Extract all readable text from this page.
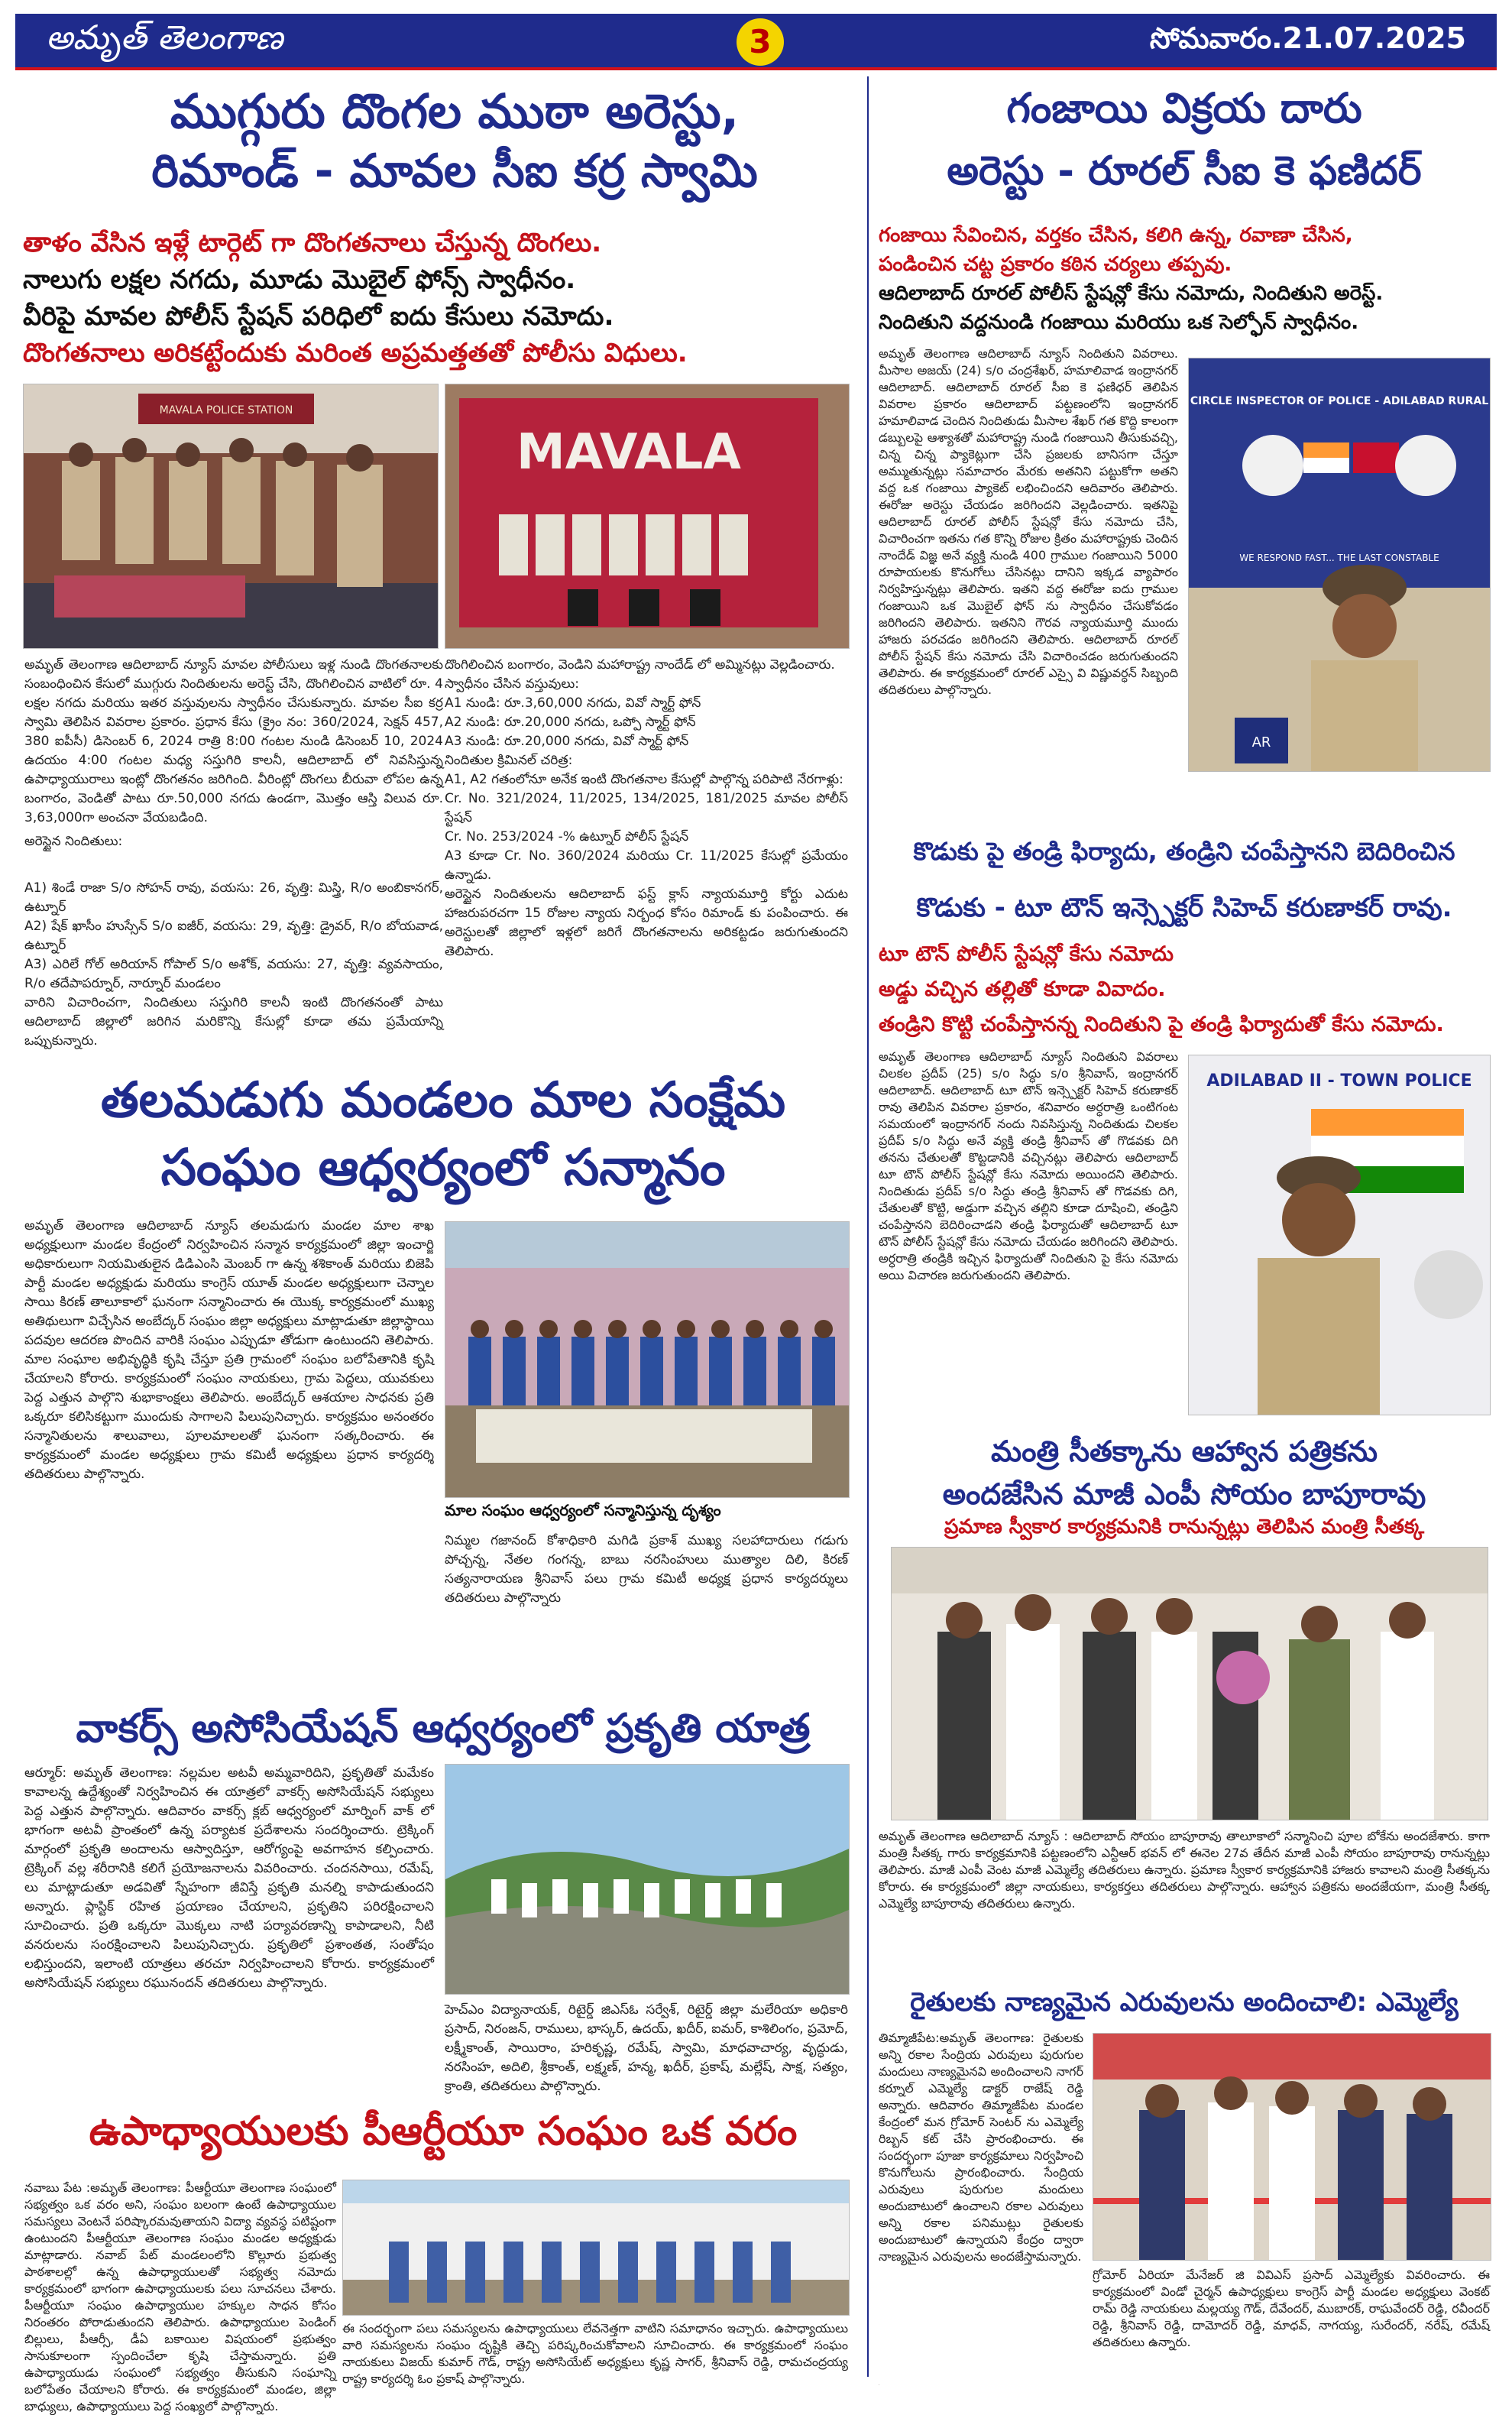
అమృత్ తెలంగాణ	3	సోమవారం.21.07.2025
ముగ్గురు దొంగల ముఠా అరెస్టు,
రిమాండ్ - మావల సీఐ కర్ర స్వామి
తాళం వేసిన ఇళ్లే టార్గెట్ గా దొంగతనాలు చేస్తున్న దొంగలు.
నాలుగు లక్షల నగదు, మూడు మొబైల్ ఫోన్స్ స్వాధీనం.
వీరిపై మావల పోలీస్ స్టేషన్ పరిధిలో ఐదు కేసులు నమోదు.
దొంగతనాలు అరికట్టేందుకు మరింత అప్రమత్తతతో పోలీసు విధులు.
MAVALA POLICE STATION
MAVALA
అమృత్ తెలంగాణ ఆదిలాబాద్ న్యూస్ మావల పోలీసులు ఇళ్ల నుండి దొంగతనాలకు సంబంధించిన కేసులో ముగ్గురు నిందితులను అరెస్ట్ చేసి, దొంగిలించిన వాటిలో రూ. 4 లక్షల నగదు మరియు ఇతర వస్తువులను స్వాధీనం చేసుకున్నారు. మావల సీఐ కర్ర స్వామి తెలిపిన వివరాల ప్రకారం. ప్రధాన కేసు (క్రైం నం: 360/2024, సెక్షన్ 457, 380 ఐపీసీ) డిసెంబర్ 6, 2024 రాత్రి 8:00 గంటల నుండి డిసెంబర్ 10, 2024 ఉదయం 4:00 గంటల మధ్య సస్తుగిరి కాలనీ, ఆదిలాబాద్ లో నివసిస్తున్న ఉపాధ్యాయురాలు ఇంట్లో దొంగతనం జరిగింది. వీరింట్లో దొంగలు బీరువా లోపల ఉన్న బంగారం, వెండితో పాటు రూ.50,000 నగదు ఉండగా, మొత్తం ఆస్తి విలువ రూ. 3,63,000గా అంచనా వేయబడింది.
అరెస్టైన నిందితులు:
A1) శిండే రాజా S/o సోహన్ రావు, వయసు: 26, వృత్తి: మిస్త్రి, R/o అంబికానగర్, ఉట్నూర్
A2) షేక్ ఖాసీం హుస్సేన్ S/o ఐజీర్, వయసు: 29, వృత్తి: డ్రైవర్, R/o బోయవాడ, ఉట్నూర్
A3) ఎరిలే గోల్ అరియాన్ గోపాల్ S/o అశోక్, వయసు: 27, వృత్తి: వ్యవసాయం, R/o తదేపాపర్నూర్, నార్నూర్ మండలం
వారిని విచారించగా, నిందితులు సస్తుగిరి కాలనీ ఇంటి దొంగతనంతో పాటు ఆదిలాబాద్ జిల్లాలో జరిగిన మరికొన్ని కేసుల్లో కూడా తమ ప్రమేయాన్ని ఒప్పుకున్నారు.
దొంగిలించిన బంగారం, వెండిని మహారాష్ట్ర నాందేడ్ లో అమ్మినట్లు వెల్లడించారు.
స్వాధీనం చేసిన వస్తువులు:
A1 నుండి: రూ.3,60,000 నగదు, వివో స్మార్ట్ ఫోన్
A2 నుండి: రూ.20,000 నగదు, ఒప్పో స్మార్ట్ ఫోన్
A3 నుండి: రూ.20,000 నగదు, వివో స్మార్ట్ ఫోన్
నిందితుల క్రిమినల్ చరిత్ర:
A1, A2 గతంలోనూ అనేక ఇంటి దొంగతనాల కేసుల్లో పాల్గొన్న పరిపాటి నేరగాళ్లు:
Cr. No. 321/2024, 11/2025, 134/2025, 181/2025 మావల పోలీస్ స్టేషన్
Cr. No. 253/2024 -% ఉట్నూర్ పోలీస్ స్టేషన్
A3 కూడా Cr. No. 360/2024 మరియు Cr. 11/2025 కేసుల్లో ప్రమేయం ఉన్నాడు.
అరెస్టైన నిందితులను ఆదిలాబాద్ ఫస్ట్ క్లాస్ న్యాయమూర్తి కోర్టు ఎదుట హాజరుపరచగా 15 రోజుల న్యాయ నిర్బంధ కోసం రిమాండ్ కు పంపించారు. ఈ అరెస్టులతో జిల్లాలో ఇళ్లలో జరిగే దొంగతనాలను అరికట్టడం జరుగుతుందని తెలిపారు.
గంజాయి విక్రయ దారు
అరెస్టు - రూరల్ సీఐ కె ఫణిదర్
గంజాయి సేవించిన, వర్తకం చేసిన, కలిగి ఉన్న, రవాణా చేసిన,
పండించిన చట్ట ప్రకారం కఠిన చర్యలు తప్పవు.
ఆదిలాబాద్ రూరల్ పోలీస్ స్టేషన్లో కేసు నమోదు, నిందితుని అరెస్ట్.
నిందితుని వద్దనుండి గంజాయి మరియు ఒక సెల్ఫోన్ స్వాధీనం.
అమృత్ తెలంగాణ ఆదిలాబాద్ న్యూస్ నిందితుని వివరాలు. మీసాల అజయ్ (24) s/o చంద్రశేఖర్, హమాలివాడ ఇంద్రానగర్ ఆదిలాబాద్. ఆదిలాబాద్ రూరల్ సీఐ కె ఫణిధర్ తెలిపిన వివరాల ప్రకారం ఆదిలాబాద్ పట్టణంలోని ఇంద్రానగర్ హమాలివాడ చెందిన నిందితుడు మీసాల శేఖర్ గత కొద్ది కాలంగా డబ్బులపై ఆశ్యాశతో మహారాష్ట్ర నుండి గంజాయిని తీసుకువచ్చి, చిన్న చిన్న ప్యాకెట్లుగా చేసి ప్రజలకు బానిసగా చేస్తూ అమ్ముతున్నట్లు సమాచారం మేరకు అతనిని పట్టుకోగా అతని వద్ద ఒక గంజాయి ప్యాకెట్ లభించిందని ఆదివారం తెలిపారు. ఈరోజు అరెస్టు చేయడం జరిగిందని వెల్లడించారు. ఇతనిపై ఆదిలాబాద్ రూరల్ పోలీస్ స్టేషన్లో కేసు నమోదు చేసి, విచారించగా ఇతను గత కొన్ని రోజుల క్రితం మహారాష్ట్రకు చెందిన నాందేడ్ విజ్ఞ అనే వ్యక్తి నుండి 400 గ్రాముల గంజాయిని 5000 రూపాయలకు కొనుగోలు చేసినట్లు దానిని ఇక్కడ వ్యాపారం నిర్వహిస్తున్నట్లు తెలిపారు. ఇతని వద్ద ఈరోజు ఐదు గ్రాముల గంజాయిని ఒక మొబైల్ ఫోన్ ను స్వాధీనం చేసుకోవడం జరిగిందని తెలిపారు. ఇతనిని గౌరవ న్యాయమూర్తి ముందు హాజరు పరచడం జరిగిందని తెలిపారు. ఆదిలాబాద్ రూరల్ పోలీస్ స్టేషన్ కేసు నమోదు చేసి విచారించడం జరుగుతుందని తెలిపారు. ఈ కార్యక్రమంలో రూరల్ ఎస్సై వి విష్ణువర్ధన్ సిబ్బంది తదితరులు పాల్గొన్నారు.
CIRCLE INSPECTOR OF POLICE - ADILABAD RURAL
WE RESPOND FAST... THE LAST CONSTABLE
AR
కొడుకు పై తండ్రి ఫిర్యాదు, తండ్రిని చంపేస్తానని బెదిరించిన
కొడుకు - టూ టౌన్ ఇన్స్పెక్టర్ సిహెచ్ కరుణాకర్ రావు.
టూ టౌన్ పోలీస్ స్టేషన్లో కేసు నమోదు
అడ్డు వచ్చిన తల్లితో కూడా వివాదం.
తండ్రిని కొట్టి చంపేస్తానన్న నిందితుని పై తండ్రి ఫిర్యాదుతో కేసు నమోదు.
అమృత్ తెలంగాణ ఆదిలాబాద్ న్యూస్ నిందితుని వివరాలు చిలకల ప్రదీప్ (25) s/o సిద్ధు s/o శ్రీనివాస్, ఇంద్రానగర్ ఆదిలాబాద్. ఆదిలాబాద్ టూ టౌన్ ఇన్స్పెక్టర్ సిహెచ్ కరుణాకర్ రావు తెలిపిన వివరాల ప్రకారం, శనివారం అర్ధరాత్రి ఒంటిగంట సమయంలో ఇంద్రానగర్ నందు నివసిస్తున్న నిందితుడు చిలకల ప్రదీప్ s/o సిద్ధు అనే వ్యక్తి తండ్రి శ్రీనివాస్ తో గొడవకు దిగి తనను చేతులతో కొట్టడానికి వచ్చినట్లు తెలిపారు ఆదిలాబాద్ టూ టౌన్ పోలీస్ స్టేషన్లో కేసు నమోదు అయిందని తెలిపారు. నిందితుడు ప్రదీప్ s/o సిద్ధు తండ్రి శ్రీనివాస్ తో గొడవకు దిగి, చేతులతో కొట్టి, అడ్డుగా వచ్చిన తల్లిని కూడా దూషించి, తండ్రిని చంపేస్తానని బెదిరించాడని తండ్రి ఫిర్యాదుతో ఆదిలాబాద్ టూ టౌన్ పోలీస్ స్టేషన్లో కేసు నమోదు చేయడం జరిగిందని తెలిపారు. అర్ధరాత్రి తండ్రికి ఇచ్చిన ఫిర్యాదుతో నిందితుని పై కేసు నమోదు అయి విచారణ జరుగుతుందని తెలిపారు.
ADILABAD II - TOWN POLICE
తలమడుగు మండలం మాల సంక్షేమ
సంఘం ఆధ్వర్యంలో సన్మానం
అమృత్ తెలంగాణ ఆదిలాబాద్ న్యూస్ తలమడుగు మండల మాల శాఖ అధ్యక్షులుగా మండల కేంద్రంలో నిర్వహించిన సన్మాన కార్యక్రమంలో జిల్లా ఇంచార్జి అధికారులుగా నియమితులైన డిడిఎంసి మెంబర్ గా ఉన్న శశికాంత్ మరియు బిజెపి పార్టీ మండల అధ్యక్షుడు మరియు కాంగ్రెస్ యూత్ మండల అధ్యక్షులుగా చెన్నాల సాయి కిరణ్ తాలూకాలో ఘనంగా సన్మానించారు ఈ యొక్క కార్యక్రమంలో ముఖ్య అతిథులుగా విచ్చేసిన అంబేద్కర్ సంఘం జిల్లా అధ్యక్షులు మాట్లాడుతూ జిల్లాస్థాయి పదవుల ఆదరణ పొందిన వారికి సంఘం ఎప్పుడూ తోడుగా ఉంటుందని తెలిపారు. మాల సంఘాల అభివృద్ధికి కృషి చేస్తూ ప్రతి గ్రామంలో సంఘం బలోపేతానికి కృషి చేయాలని కోరారు. కార్యక్రమంలో సంఘం నాయకులు, గ్రామ పెద్దలు, యువకులు పెద్ద ఎత్తున పాల్గొని శుభాకాంక్షలు తెలిపారు. అంబేద్కర్ ఆశయాల సాధనకు ప్రతి ఒక్కరూ కలిసికట్టుగా ముందుకు సాగాలని పిలుపునిచ్చారు. కార్యక్రమం అనంతరం సన్మానితులను శాలువాలు, పూలమాలలతో ఘనంగా సత్కరించారు. ఈ కార్యక్రమంలో మండల అధ్యక్షులు గ్రామ కమిటీ అధ్యక్షులు ప్రధాన కార్యదర్శి తదితరులు పాల్గొన్నారు.
మాల సంఘం ఆధ్వర్యంలో సన్మానిస్తున్న దృశ్యం
నిమ్మల గజానంద్ కోశాధికారి మగిడి ప్రకాశ్ ముఖ్య సలహాదారులు గడుగు పోచ్చన్న, నేతల గంగన్న, బాబు నరసింహులు ముత్యాల దిలి, కిరణ్ సత్యనారాయణ శ్రీనివాస్ పలు గ్రామ కమిటీ అధ్యక్ష ప్రధాన కార్యదర్శులు తదితరులు పాల్గొన్నారు
వాకర్స్ అసోసియేషన్ ఆధ్వర్యంలో ప్రకృతి యాత్ర
ఆర్మూర్: అమృత్ తెలంగాణ: నల్లమల అటవీ అమ్మవారిదిని, ప్రకృతితో మమేకం కావాలన్న ఉద్దేశ్యంతో నిర్వహించిన ఈ యాత్రలో వాకర్స్ అసోసియేషన్ సభ్యులు పెద్ద ఎత్తున పాల్గొన్నారు. ఆదివారం వాకర్స్ క్లబ్ ఆధ్వర్యంలో మార్నింగ్ వాక్ లో భాగంగా అటవీ ప్రాంతంలో ఉన్న పర్యాటక ప్రదేశాలను సందర్శించారు. ట్రెక్కింగ్ మార్గంలో ప్రకృతి అందాలను ఆస్వాదిస్తూ, ఆరోగ్యంపై అవగాహన కల్పించారు. ట్రెక్కింగ్ వల్ల శరీరానికి కలిగే ప్రయోజనాలను వివరించారు. చందనసాయి, రమేష్, లు మాట్లాడుతూ అడవితో స్నేహంగా జీవిస్తే ప్రకృతి మనల్ని కాపాడుతుందని అన్నారు. ప్లాస్టిక్ రహిత ప్రయాణం చేయాలని, ప్రకృతిని పరిరక్షించాలని సూచించారు. ప్రతి ఒక్కరూ మొక్కలు నాటి పర్యావరణాన్ని కాపాడాలని, నీటి వనరులను సంరక్షించాలని పిలుపునిచ్చారు. ప్రకృతిలో ప్రశాంతత, సంతోషం లభిస్తుందని, ఇలాంటి యాత్రలు తరచూ నిర్వహించాలని కోరారు. కార్యక్రమంలో అసోసియేషన్ సభ్యులు రఘునందన్ తదితరులు పాల్గొన్నారు.
హెచ్ఎం విద్యానాయక్, రిటైర్డ్ జిఎస్ఓ సర్వేశ్, రిటైర్డ్ జిల్లా మలేరియా అధికారి ప్రసాద్, నిరంజన్, రాములు, భాస్కర్, ఉదయ్, ఖదీర్, ఐమర్, కాశిలింగం, ప్రమోద్, లక్ష్మీకాంత్, సాయిరాం, హరికృష్ణ, రమేష్, స్వామి, మాధవాచార్య, వృద్ధుడు, నరసింహ, అదిలి, శ్రీకాంత్, లక్ష్మణ్, హన్మ, ఖదీర్, ప్రకాష్, మల్లేష్, సాక్ష, సత్యం, క్రాంతి, తదితరులు పాల్గొన్నారు.
మంత్రి సీతక్కాను ఆహ్వాన పత్రికను
అందజేసిన మాజీ ఎంపీ సోయం బాపూరావు
ప్రమాణ స్వీకార కార్యక్రమనికి రానున్నట్లు తెలిపిన మంత్రి సీతక్క
అమృత్ తెలంగాణ ఆదిలాబాద్ న్యూస్ : ఆదిలాబాద్ సోయం బాపూరావు తాలూకాలో సన్మానించి పూల బోకేను అందజేశారు. కాగా మంత్రి సీతక్క గారు కార్యక్రమానికి పట్టణంలోని ఎన్టీఆర్ భవన్ లో ఈనెల 27వ తేదీన మాజీ ఎంపీ సోయం బాపూరావు రానున్నట్లు తెలిపారు. మాజీ ఎంపీ వెంట మాజీ ఎమ్మెల్యే తదితరులు ఉన్నారు. ప్రమాణ స్వీకార కార్యక్రమానికి హాజరు కావాలని మంత్రి సీతక్కను కోరారు. ఈ కార్యక్రమంలో జిల్లా నాయకులు, కార్యకర్తలు తదితరులు పాల్గొన్నారు. ఆహ్వాన పత్రికను అందజేయగా, మంత్రి సీతక్క ఎమ్మెల్యే బాపూరావు తదితరులు ఉన్నారు.
ఉపాధ్యాయులకు పీఆర్టీయూ సంఘం ఒక వరం
నవాబు పేట :అమృత్ తెలంగాణ: పీఆర్టీయూ తెలంగాణ సంఘంలో సభ్యత్వం ఒక వరం అని, సంఘం బలంగా ఉంటే ఉపాధ్యాయుల సమస్యలు వెంటనే పరిష్కారమవుతాయని విద్యా వ్యవస్థ పటిష్టంగా ఉంటుందని పీఆర్టీయూ తెలంగాణ సంఘం మండల అధ్యక్షుడు మాట్లాడారు. నవాబ్ పేట్ మండలంలోని కొల్లూరు ప్రభుత్వ పాఠశాలల్లో ఉన్న ఉపాధ్యాయులతో సభ్యత్వ నమోదు కార్యక్రమంలో భాగంగా ఉపాధ్యాయులకు పలు సూచనలు చేశారు. పీఆర్టీయూ సంఘం ఉపాధ్యాయుల హక్కుల సాధన కోసం నిరంతరం పోరాడుతుందని తెలిపారు. ఉపాధ్యాయుల పెండింగ్ బిల్లులు, పీఆర్సీ, డీఏ బకాయిల విషయంలో ప్రభుత్వం సానుకూలంగా స్పందించేలా కృషి చేస్తామన్నారు. ప్రతి ఉపాధ్యాయుడు సంఘంలో సభ్యత్వం తీసుకుని సంఘాన్ని బలోపేతం చేయాలని కోరారు. ఈ కార్యక్రమంలో మండల, జిల్లా బాధ్యులు, ఉపాధ్యాయులు పెద్ద సంఖ్యలో పాల్గొన్నారు.
ఈ సందర్భంగా పలు సమస్యలను ఉపాధ్యాయులు లేవనెత్తగా వాటిని సమాధానం ఇచ్చారు. ఉపాధ్యాయులు వారి సమస్యలను సంఘం దృష్టికి తెచ్చి పరిష్కరించుకోవాలని సూచించారు. ఈ కార్యక్రమంలో సంఘం నాయకులు విజయ్ కుమార్ గౌడ్, రాష్ట్ర అసోసియేట్ అధ్యక్షులు కృష్ణ సాగర్, శ్రీనివాస్ రెడ్డి, రామచంద్రయ్య రాష్ట్ర కార్యదర్శి ఓం ప్రకాష్ పాల్గొన్నారు.
రైతులకు నాణ్యమైన ఎరువులను అందించాలి: ఎమ్మెల్యే
తిమ్మాజీపేట:అమృత్ తెలంగాణ: రైతులకు అన్ని రకాల సేంద్రియ ఎరువులు పురుగుల మందులు నాణ్యమైనవి అందించాలని నాగర్ కర్నూల్ ఎమ్మెల్యే డాక్టర్ రాజేష్ రెడ్డి అన్నారు. ఆదివారం తిమ్మాజీపేట మండల కేంద్రంలో మన గ్రోమోర్ సెంటర్ ను ఎమ్మెల్యే రిబ్బన్ కట్ చేసి ప్రారంభించారు. ఈ సందర్భంగా పూజా కార్యక్రమాలు నిర్వహించి కొనుగోలును ప్రారంభించారు. సేంద్రియ ఎరువులు పురుగుల మందులు అందుబాటులో ఉంచాలని రకాల ఎరువులు అన్ని రకాల పనిముట్లు రైతులకు అందుబాటులో ఉన్నాయని కేంద్రం ద్వారా నాణ్యమైన ఎరువులను అందజేస్తామన్నారు.
గ్రోమోర్ ఏరియా మేనేజర్ జి వివిఎస్ ప్రసాద్ ఎమ్మెల్యేకు వివరించారు. ఈ కార్యక్రమంలో విండో చైర్మన్ ఉపాధ్యక్షులు కాంగ్రెస్ పార్టీ మండల అధ్యక్షులు వెంకట్ రామ్ రెడ్డి నాయకులు మల్లయ్య గౌడ్, దేవేందర్, ముబారక్, రాఘవేందర్ రెడ్డి, రవీందర్ రెడ్డి, శ్రీనివాస్ రెడ్డి, దామోదర్ రెడ్డి, మాధవ్, నాగయ్య, సురేందర్, నరేష్, రమేష్ తదితరులు ఉన్నారు.
